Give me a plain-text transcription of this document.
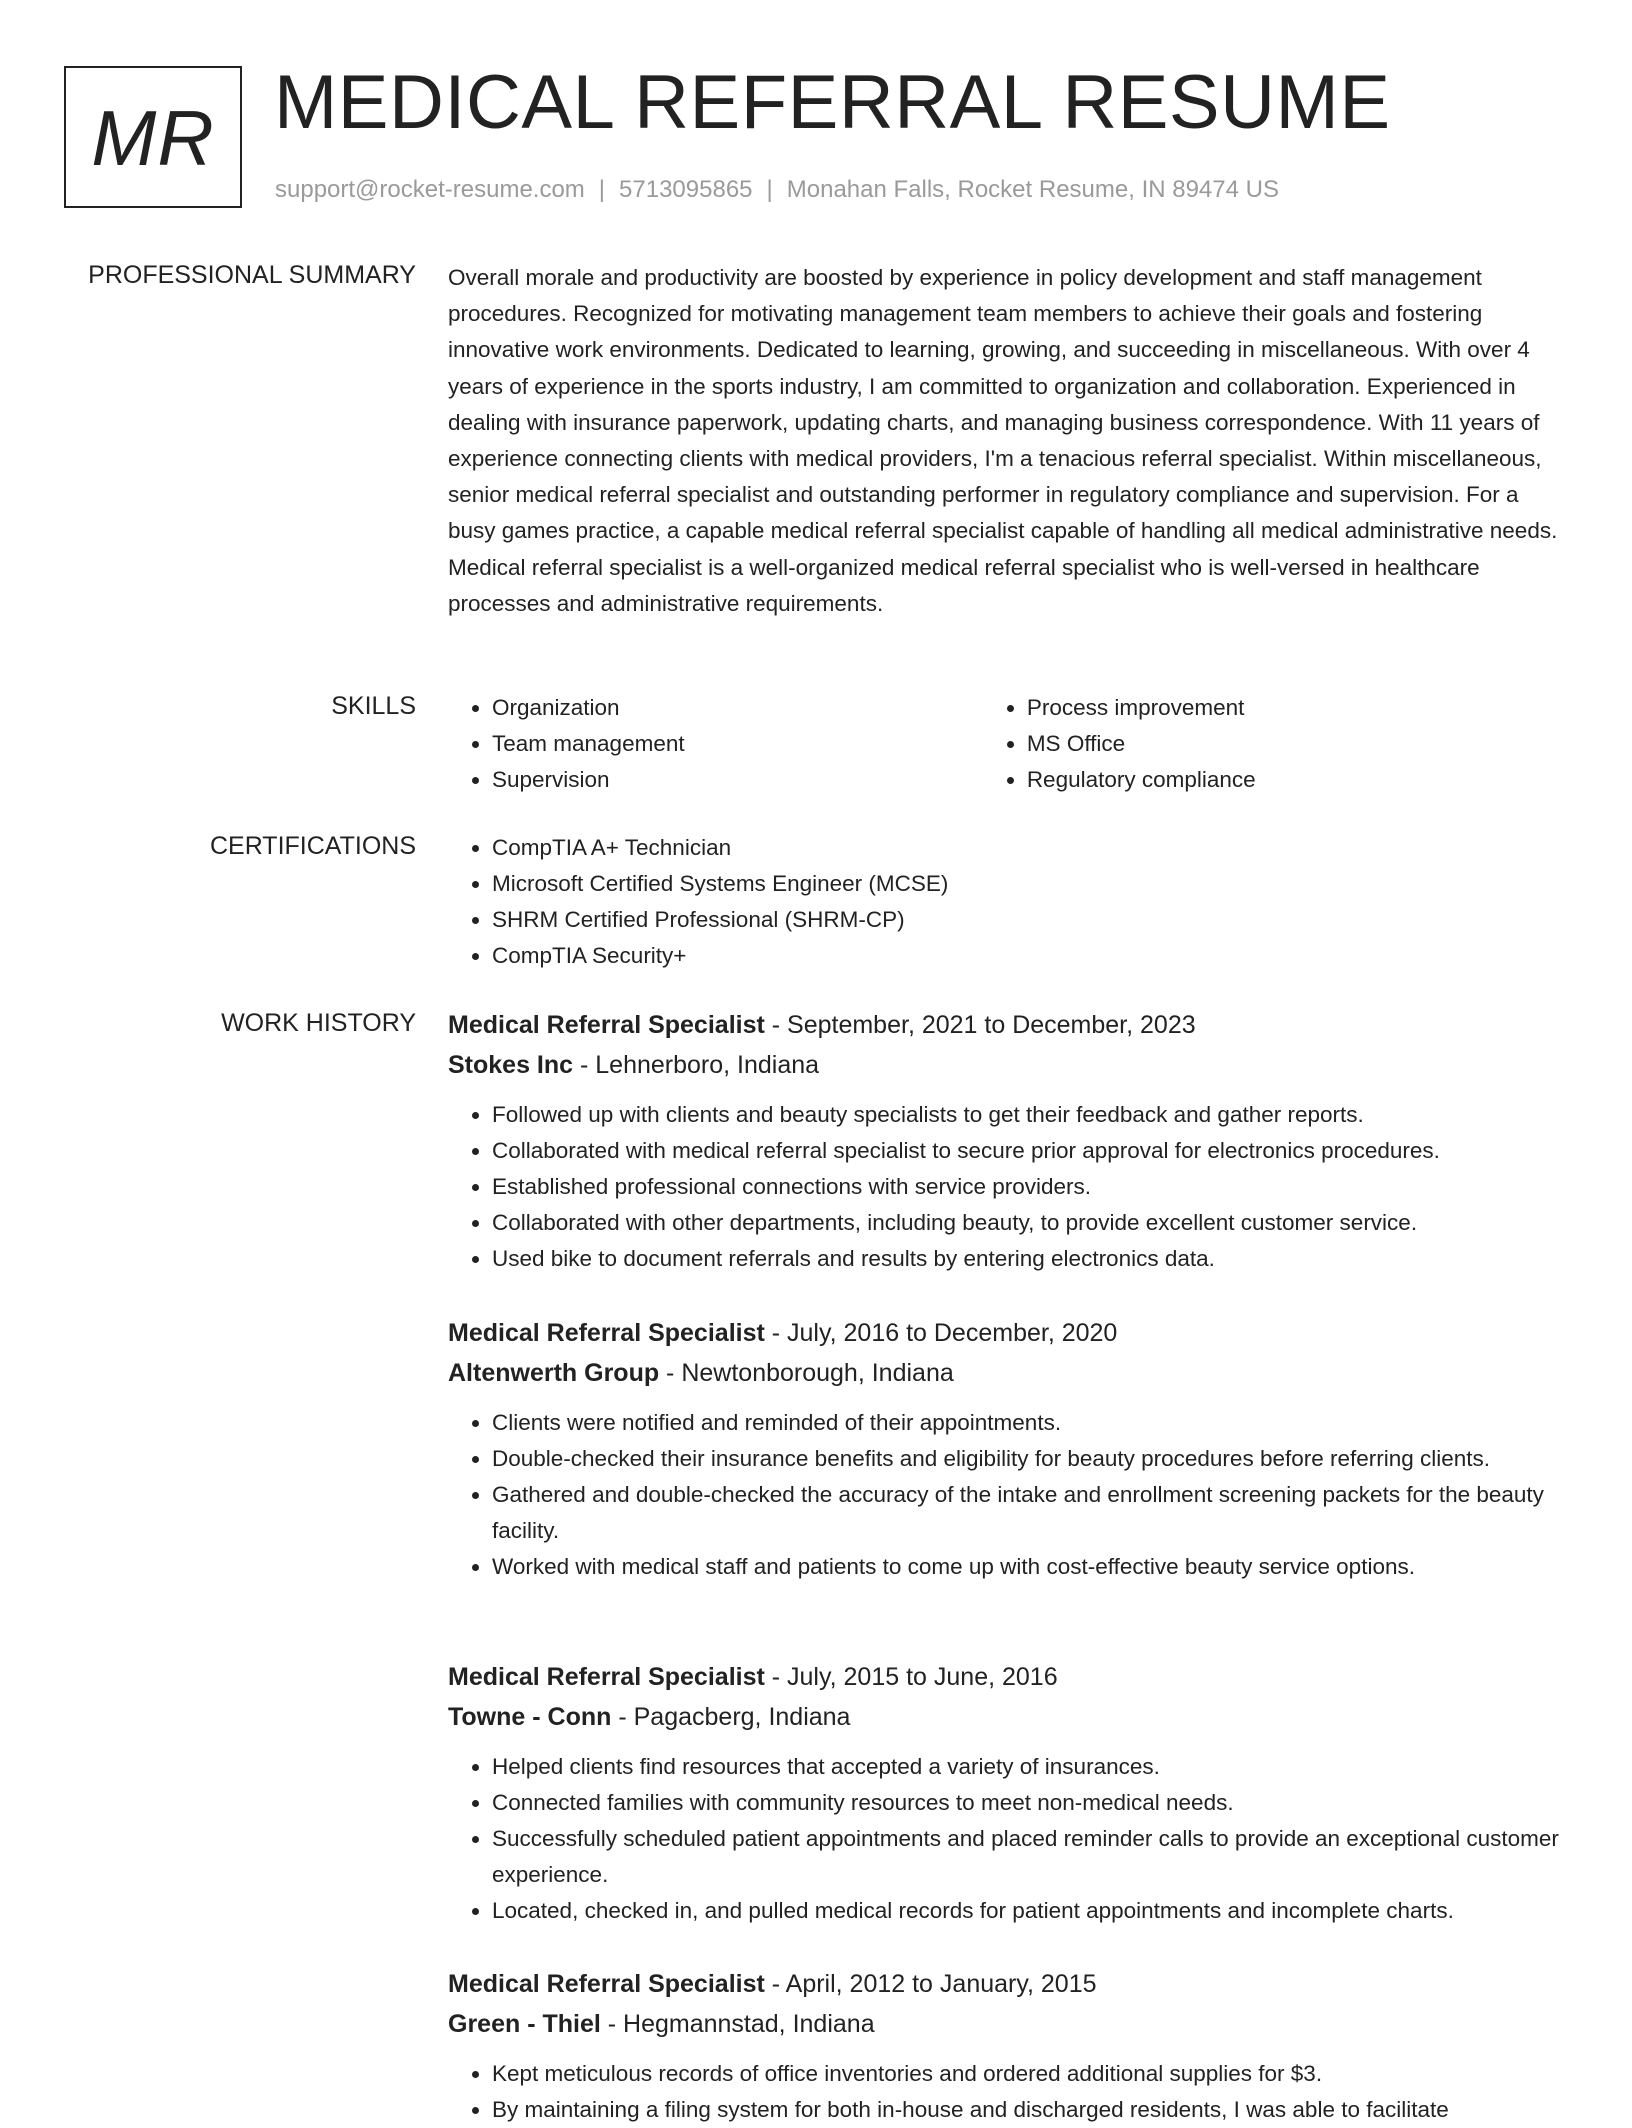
MR MEDICAL REFERRAL RESUME
support@rocket-resume.com | 5713095865 | Monahan Falls, Rocket Resume, IN 89474 US
PROFESSIONAL SUMMARY Overall morale and productivity are boosted by experience in policy development and staff management procedures. Recognized for motivating management team members to achieve their goals and fostering innovative work environments. Dedicated to learning, growing, and succeeding in miscellaneous. With over 4 years of experience in the sports industry, I am committed to organization and collaboration. Experienced in dealing with insurance paperwork, updating charts, and managing business correspondence. With 11 years of experience connecting clients with medical providers, I'm a tenacious referral specialist. Within miscellaneous, senior medical referral specialist and outstanding performer in regulatory compliance and supervision. For a busy games practice, a capable medical referral specialist capable of handling all medical administrative needs. Medical referral specialist is a well-organized medical referral specialist who is well-versed in healthcare processes and administrative requirements.

SKILLS	• Organization
• Team management
• Supervision
• Process improvement
• MS Office
• Regulatory compliance
CERTIFICATIONS	• CompTIA A+ Technician
• Microsoft Certified Systems Engineer (MCSE)
• SHRM Certified Professional (SHRM-CP)
• CompTIA Security+
WORK HISTORY Medical Referral Specialist - September, 2021 to December, 2023
Stokes Inc - Lehnerboro, Indiana
• Followed up with clients and beauty specialists to get their feedback and gather reports.
• Collaborated with medical referral specialist to secure prior approval for electronics procedures.
• Established professional connections with service providers.
• Collaborated with other departments, including beauty, to provide excellent customer service.
• Used bike to document referrals and results by entering electronics data.
Medical Referral Specialist - July, 2016 to December, 2020
Altenwerth Group - Newtonborough, Indiana
• Clients were notified and reminded of their appointments.
• Double-checked their insurance benefits and eligibility for beauty procedures before referring clients.
• Gathered and double-checked the accuracy of the intake and enrollment screening packets for the beauty facility.
• Worked with medical staff and patients to come up with cost-effective beauty service options.
Medical Referral Specialist - July, 2015 to June, 2016
Towne - Conn - Pagacberg, Indiana
• Helped clients find resources that accepted a variety of insurances.
• Connected families with community resources to meet non-medical needs.
• Successfully scheduled patient appointments and placed reminder calls to provide an exceptional customer experience.
• Located, checked in, and pulled medical records for patient appointments and incomplete charts.
Medical Referral Specialist - April, 2012 to January, 2015
Green - Thiel - Hegmannstad, Indiana
• Kept meticulous records of office inventories and ordered additional supplies for $3.
• By maintaining a filing system for both in-house and discharged residents, I was able to facilitate
